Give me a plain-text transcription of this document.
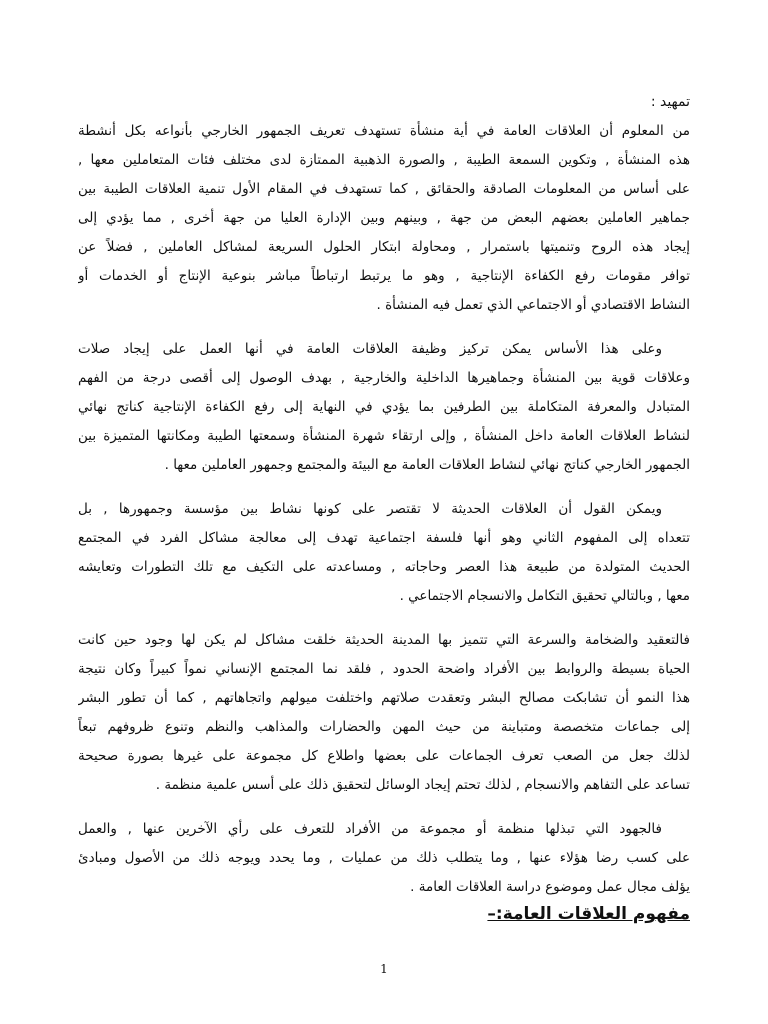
تمهيد :
من المعلوم أن العلاقات العامة في أية منشأة تستهدف تعريف الجمهور الخارجي بأنواعه بكل أنشطة
هذه المنشأة , وتكوين السمعة الطيبة , والصورة الذهبية الممتازة لدى مختلف فئات المتعاملين معها ,
على أساس من المعلومات الصادقة والحقائق , كما تستهدف في المقام الأول تنمية العلاقات الطيبة بين
جماهير العاملين بعضهم البعض من جهة , وبينهم وبين الإدارة العليا من جهة أخرى , مما يؤدي إلى
إيجاد هذه الروح وتنميتها باستمرار , ومحاولة ابتكار الحلول السريعة لمشاكل العاملين , فضلاً عن
توافر مقومات رفع الكفاءة الإنتاجية , وهو ما يرتبط ارتباطاً مباشر بنوعية الإنتاج أو الخدمات أو
النشاط الاقتصادي أو الاجتماعي الذي تعمل فيه المنشأة .
وعلى هذا الأساس يمكن تركيز وظيفة العلاقات العامة في أنها العمل على إيجاد صلات
وعلاقات قوية بين المنشأة وجماهيرها الداخلية والخارجية , بهدف الوصول إلى أقصى درجة من الفهم
المتبادل والمعرفة المتكاملة بين الطرفين بما يؤدي في النهاية إلى رفع الكفاءة الإنتاجية كناتج نهائي
لنشاط العلاقات العامة داخل المنشأة , وإلى ارتقاء شهرة المنشأة وسمعتها الطيبة ومكانتها المتميزة بين
الجمهور الخارجي كناتج نهائي لنشاط العلاقات العامة مع البيئة والمجتمع وجمهور العاملين معها .
ويمكن القول أن العلاقات الحديثة لا تقتصر على كونها نشاط بين مؤسسة وجمهورها , بل
تتعداه إلى المفهوم الثاني وهو أنها فلسفة اجتماعية تهدف إلى معالجة مشاكل الفرد في المجتمع
الحديث المتولدة من طبيعة هذا العصر وحاجاته , ومساعدته على التكيف مع تلك التطورات وتعايشه
معها , وبالتالي تحقيق التكامل والانسجام الاجتماعي .
فالتعقيد والضخامة والسرعة التي تتميز بها المدينة الحديثة خلقت مشاكل لم يكن لها وجود حين كانت
الحياة بسيطة والروابط بين الأفراد واضحة الحدود , فلقد نما المجتمع الإنساني نمواً كبيراً وكان نتيجة
هذا النمو أن تشابكت مصالح البشر وتعقدت صلاتهم واختلفت ميولهم واتجاهاتهم , كما أن تطور البشر
إلى جماعات متخصصة ومتباينة من حيث المهن والحضارات والمذاهب والنظم وتنوع ظروفهم تبعاً
لذلك جعل من الصعب تعرف الجماعات على بعضها واطلاع كل مجموعة على غيرها بصورة صحيحة
تساعد على التفاهم والانسجام , لذلك تحتم إيجاد الوسائل لتحقيق ذلك على أسس علمية منظمة .
فالجهود التي تبذلها منظمة أو مجموعة من الأفراد للتعرف على رأي الآخرين عنها , والعمل
على كسب رضا هؤلاء عنها , وما يتطلب ذلك من عمليات , وما يحدد ويوجه ذلك من الأصول ومبادئ
يؤلف مجال عمل وموضوع دراسة العلاقات العامة .
مفهوم العلاقات العامة:–
1
